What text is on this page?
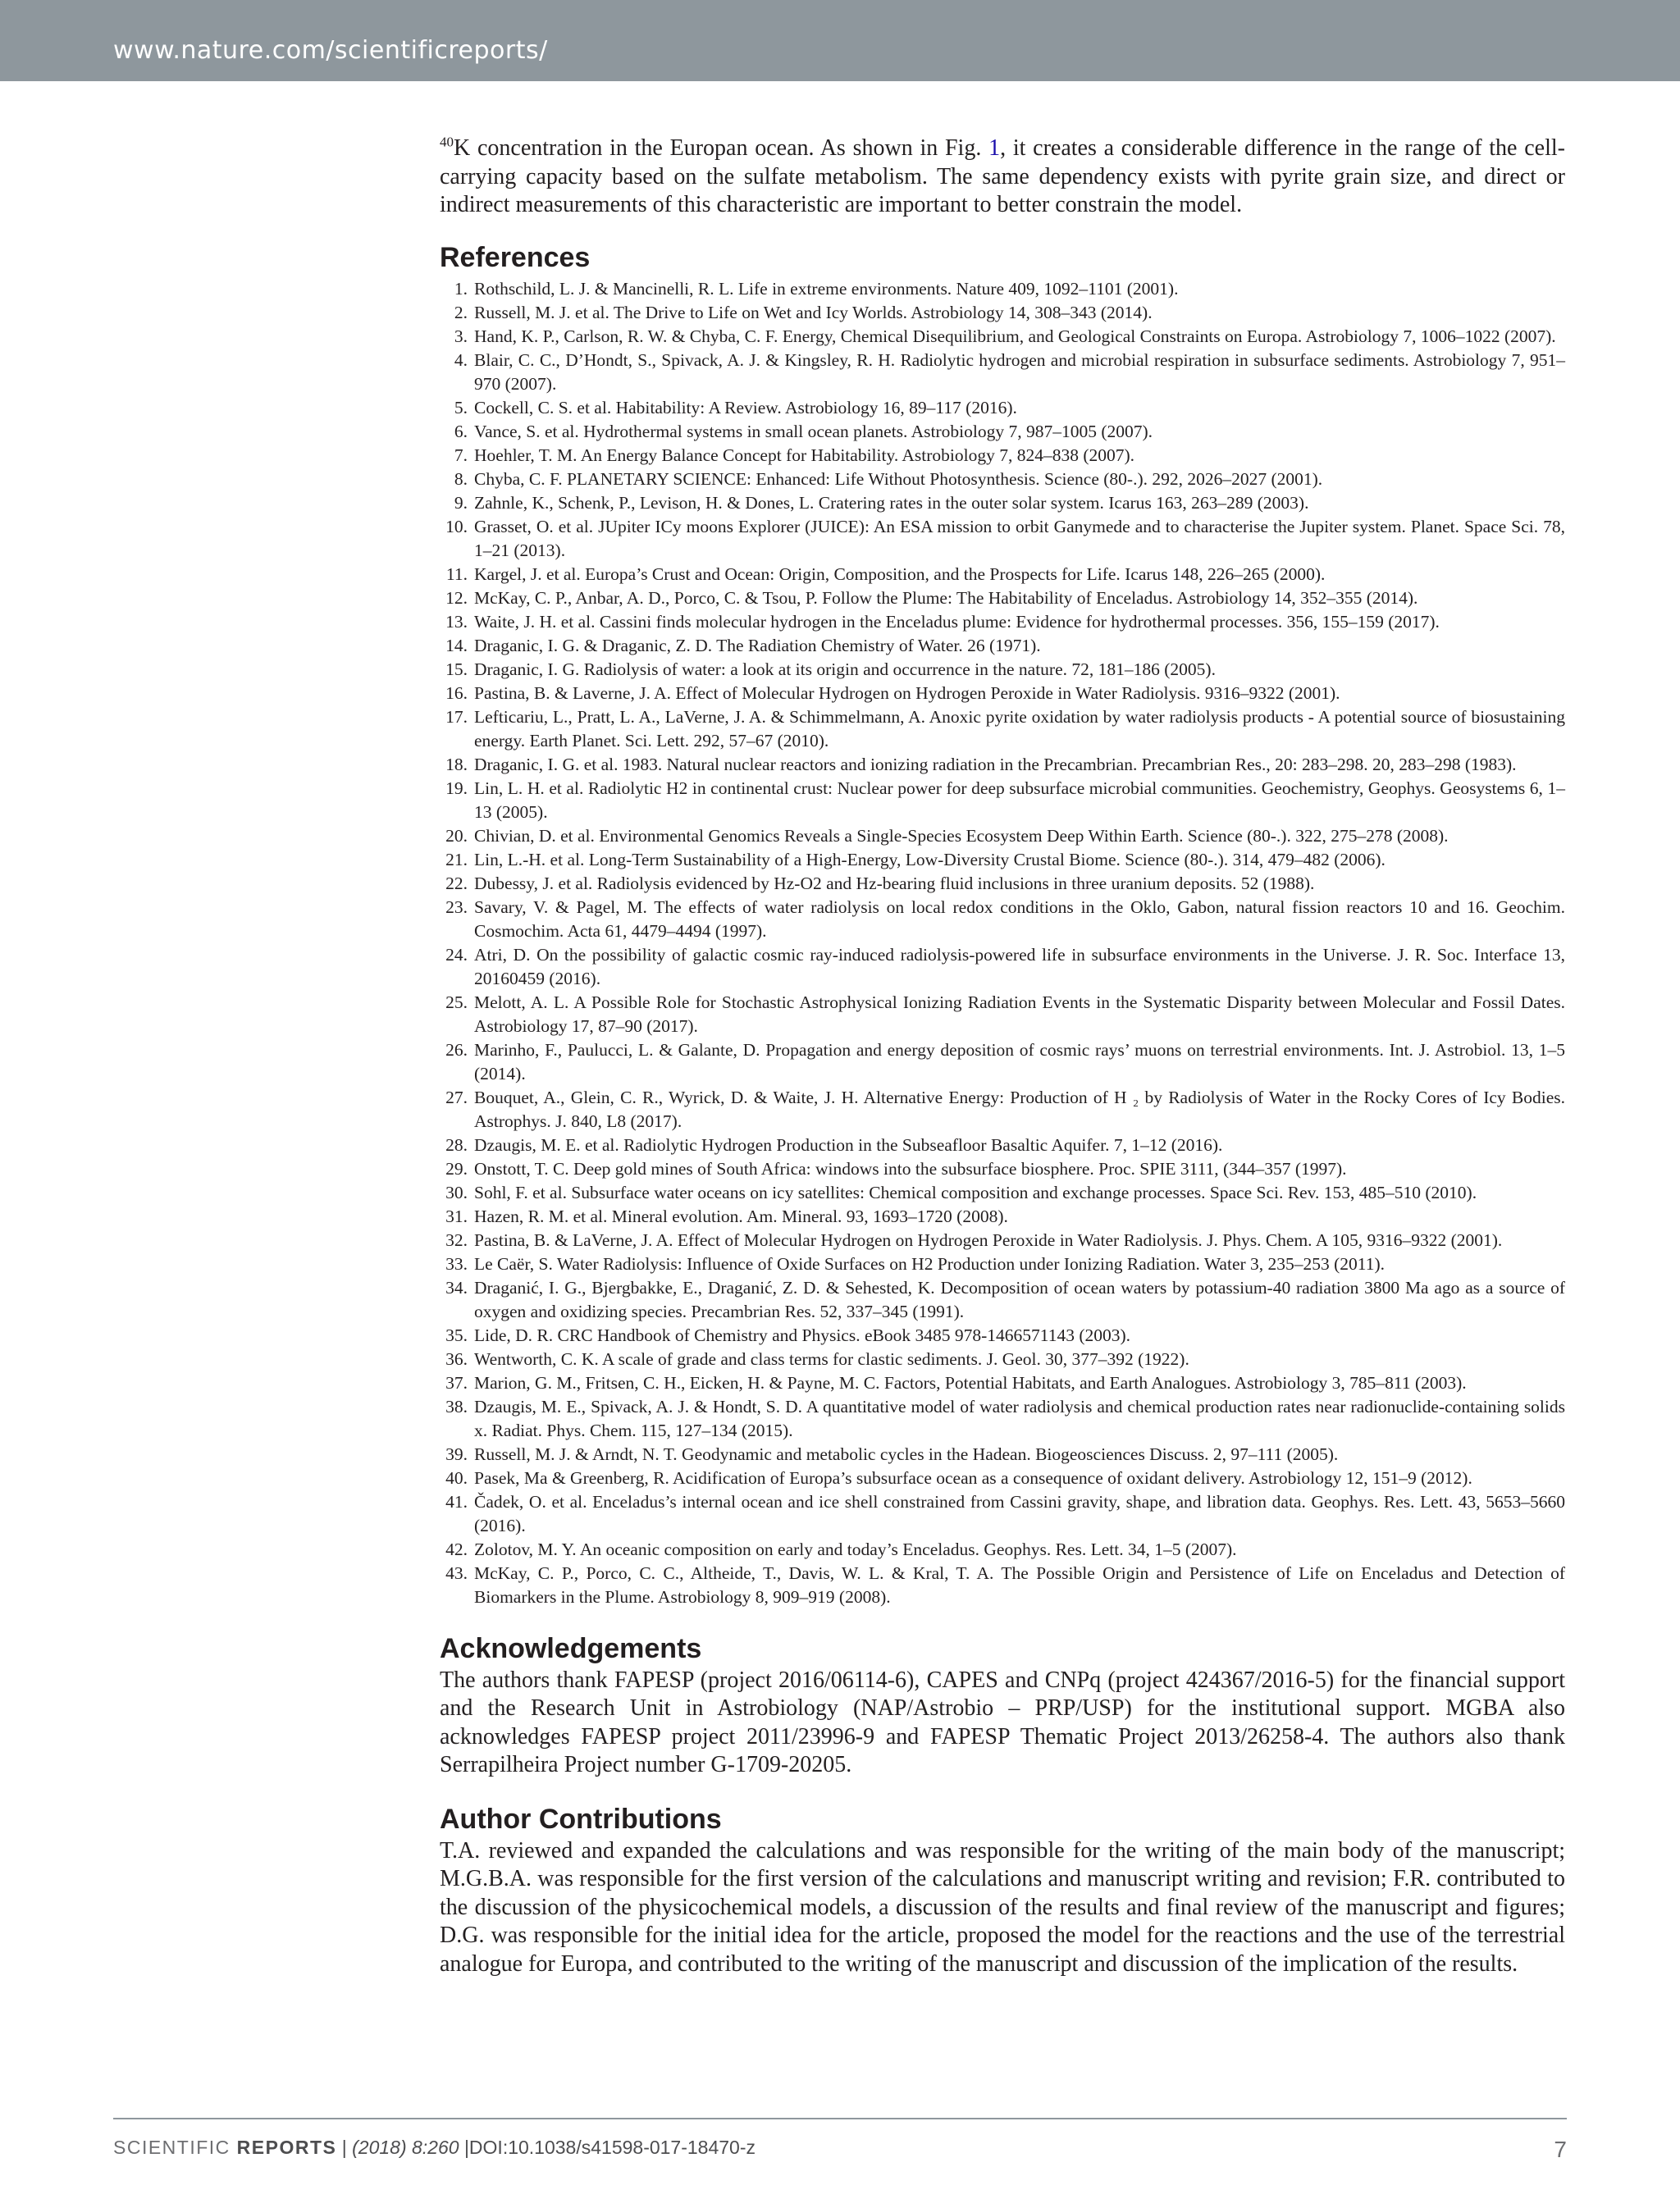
www.nature.com/scientificreports/

$^{40}$K concentration in the Europan ocean. As shown in Fig. 1, it creates a considerable difference in the range of the cell-carrying capacity based on the sulfate metabolism. The same dependency exists with pyrite grain size, and direct or indirect measurements of this characteristic are important to better constrain the model.

References
1. Rothschild, L. J. & Mancinelli, R. L. Life in extreme environments. Nature 409, 1092–1101 (2001).
2. Russell, M. J. et al. The Drive to Life on Wet and Icy Worlds. Astrobiology 14, 308–343 (2014).
3. Hand, K. P., Carlson, R. W. & Chyba, C. F. Energy, Chemical Disequilibrium, and Geological Constraints on Europa. Astrobiology 7, 1006–1022 (2007).
4. Blair, C. C., D’Hondt, S., Spivack, A. J. & Kingsley, R. H. Radiolytic hydrogen and microbial respiration in subsurface sediments. Astrobiology 7, 951–970 (2007).
5. Cockell, C. S. et al. Habitability: A Review. Astrobiology 16, 89–117 (2016).
6. Vance, S. et al. Hydrothermal systems in small ocean planets. Astrobiology 7, 987–1005 (2007).
7. Hoehler, T. M. An Energy Balance Concept for Habitability. Astrobiology 7, 824–838 (2007).
8. Chyba, C. F. PLANETARY SCIENCE: Enhanced: Life Without Photosynthesis. Science (80-.). 292, 2026–2027 (2001).
9. Zahnle, K., Schenk, P., Levison, H. & Dones, L. Cratering rates in the outer solar system. Icarus 163, 263–289 (2003).
10. Grasset, O. et al. JUpiter ICy moons Explorer (JUICE): An ESA mission to orbit Ganymede and to characterise the Jupiter system. Planet. Space Sci. 78, 1–21 (2013).
11. Kargel, J. et al. Europa’s Crust and Ocean: Origin, Composition, and the Prospects for Life. Icarus 148, 226–265 (2000).
12. McKay, C. P., Anbar, A. D., Porco, C. & Tsou, P. Follow the Plume: The Habitability of Enceladus. Astrobiology 14, 352–355 (2014).
13. Waite, J. H. et al. Cassini finds molecular hydrogen in the Enceladus plume: Evidence for hydrothermal processes. 356, 155–159 (2017).
14. Draganic, I. G. & Draganic, Z. D. The Radiation Chemistry of Water. 26 (1971).
15. Draganic, I. G. Radiolysis of water: a look at its origin and occurrence in the nature. 72, 181–186 (2005).
16. Pastina, B. & Laverne, J. A. Effect of Molecular Hydrogen on Hydrogen Peroxide in Water Radiolysis. 9316–9322 (2001).
17. Lefticariu, L., Pratt, L. A., LaVerne, J. A. & Schimmelmann, A. Anoxic pyrite oxidation by water radiolysis products - A potential source of biosustaining energy. Earth Planet. Sci. Lett. 292, 57–67 (2010).
18. Draganic, I. G. et al. 1983. Natural nuclear reactors and ionizing radiation in the Precambrian. Precambrian Res., 20: 283–298. 20, 283–298 (1983).
19. Lin, L. H. et al. Radiolytic H2 in continental crust: Nuclear power for deep subsurface microbial communities. Geochemistry, Geophys. Geosystems 6, 1–13 (2005).
20. Chivian, D. et al. Environmental Genomics Reveals a Single-Species Ecosystem Deep Within Earth. Science (80-.). 322, 275–278 (2008).
21. Lin, L.-H. et al. Long-Term Sustainability of a High-Energy, Low-Diversity Crustal Biome. Science (80-.). 314, 479–482 (2006).
22. Dubessy, J. et al. Radiolysis evidenced by Hz-O2 and Hz-bearing fluid inclusions in three uranium deposits. 52 (1988).
23. Savary, V. & Pagel, M. The effects of water radiolysis on local redox conditions in the Oklo, Gabon, natural fission reactors 10 and 16. Geochim. Cosmochim. Acta 61, 4479–4494 (1997).
24. Atri, D. On the possibility of galactic cosmic ray-induced radiolysis-powered life in subsurface environments in the Universe. J. R. Soc. Interface 13, 20160459 (2016).
25. Melott, A. L. A Possible Role for Stochastic Astrophysical Ionizing Radiation Events in the Systematic Disparity between Molecular and Fossil Dates. Astrobiology 17, 87–90 (2017).
26. Marinho, F., Paulucci, L. & Galante, D. Propagation and energy deposition of cosmic rays’ muons on terrestrial environments. Int. J. Astrobiol. 13, 1–5 (2014).
27. Bouquet, A., Glein, C. R., Wyrick, D. & Waite, J. H. Alternative Energy: Production of H ₂ by Radiolysis of Water in the Rocky Cores of Icy Bodies. Astrophys. J. 840, L8 (2017).
28. Dzaugis, M. E. et al. Radiolytic Hydrogen Production in the Subseafloor Basaltic Aquifer. 7, 1–12 (2016).
29. Onstott, T. C. Deep gold mines of South Africa: windows into the subsurface biosphere. Proc. SPIE 3111, (344–357 (1997).
30. Sohl, F. et al. Subsurface water oceans on icy satellites: Chemical composition and exchange processes. Space Sci. Rev. 153, 485–510 (2010).
31. Hazen, R. M. et al. Mineral evolution. Am. Mineral. 93, 1693–1720 (2008).
32. Pastina, B. & LaVerne, J. A. Effect of Molecular Hydrogen on Hydrogen Peroxide in Water Radiolysis. J. Phys. Chem. A 105, 9316–9322 (2001).
33. Le Caër, S. Water Radiolysis: Influence of Oxide Surfaces on H2 Production under Ionizing Radiation. Water 3, 235–253 (2011).
34. Draganić, I. G., Bjergbakke, E., Draganić, Z. D. & Sehested, K. Decomposition of ocean waters by potassium-40 radiation 3800 Ma ago as a source of oxygen and oxidizing species. Precambrian Res. 52, 337–345 (1991).
35. Lide, D. R. CRC Handbook of Chemistry and Physics. eBook 3485 978-1466571143 (2003).
36. Wentworth, C. K. A scale of grade and class terms for clastic sediments. J. Geol. 30, 377–392 (1922).
37. Marion, G. M., Fritsen, C. H., Eicken, H. & Payne, M. C. Factors, Potential Habitats, and Earth Analogues. Astrobiology 3, 785–811 (2003).
38. Dzaugis, M. E., Spivack, A. J. & Hondt, S. D. A quantitative model of water radiolysis and chemical production rates near radionuclide-containing solids x. Radiat. Phys. Chem. 115, 127–134 (2015).
39. Russell, M. J. & Arndt, N. T. Geodynamic and metabolic cycles in the Hadean. Biogeosciences Discuss. 2, 97–111 (2005).
40. Pasek, Ma & Greenberg, R. Acidification of Europa’s subsurface ocean as a consequence of oxidant delivery. Astrobiology 12, 151–9 (2012).
41. Čadek, O. et al. Enceladus’s internal ocean and ice shell constrained from Cassini gravity, shape, and libration data. Geophys. Res. Lett. 43, 5653–5660 (2016).
42. Zolotov, M. Y. An oceanic composition on early and today’s Enceladus. Geophys. Res. Lett. 34, 1–5 (2007).
43. McKay, C. P., Porco, C. C., Altheide, T., Davis, W. L. & Kral, T. A. The Possible Origin and Persistence of Life on Enceladus and Detection of Biomarkers in the Plume. Astrobiology 8, 909–919 (2008).
Acknowledgements

The authors thank FAPESP (project 2016/06114-6), CAPES and CNPq (project 424367/2016-5) for the financial support and the Research Unit in Astrobiology (NAP/Astrobio – PRP/USP) for the institutional support. MGBA also acknowledges FAPESP project 2011/23996-9 and FAPESP Thematic Project 2013/26258-4. The authors also thank Serrapilheira Project number G-1709-20205.

Author Contributions

T.A. reviewed and expanded the calculations and was responsible for the writing of the main body of the manuscript; M.G.B.A. was responsible for the first version of the calculations and manuscript writing and revision; F.R. contributed to the discussion of the physicochemical models, a discussion of the results and final review of the manuscript and figures; D.G. was responsible for the initial idea for the article, proposed the model for the reactions and the use of the terrestrial analogue for Europa, and contributed to the writing of the manuscript and discussion of the implication of the results.

SCIENTIFIC REPORTS | (2018) 8:260 |DOI:10.1038/s41598-017-18470-z	7
